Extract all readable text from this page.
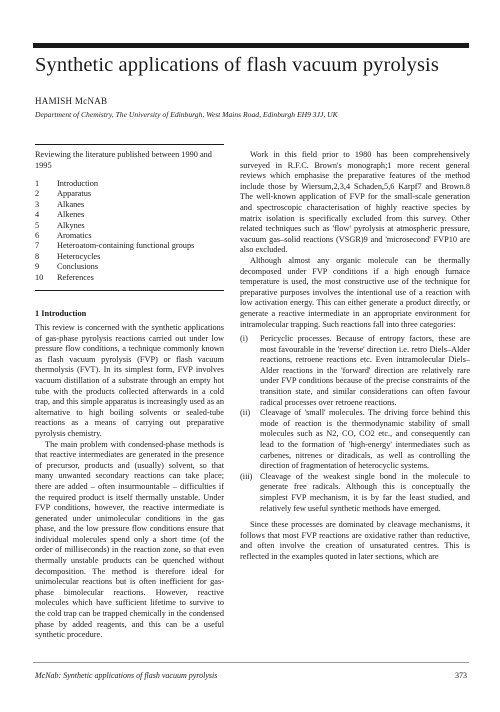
Synthetic applications of flash vacuum pyrolysis
HAMISH McNAB
Department of Chemistry, The University of Edinburgh, West Mains Road, Edinburgh EH9 3JJ, UK
Reviewing the literature published between 1990 and 1995
1	Introduction
2	Apparatus
3	Alkanes
4	Alkenes
5	Alkynes
6	Aromatics
7	Heteroatom-containing functional groups
8	Heterocycles
9	Conclusions
10	References
1 Introduction

This review is concerned with the synthetic applications of gas-phase pyrolysis reactions carried out under low pressure flow conditions, a technique commonly known as flash vacuum pyrolysis (FVP) or flash vacuum thermolysis (FVT). In its simplest form, FVP involves vacuum distillation of a substrate through an empty hot tube with the products collected afterwards in a cold trap, and this simple apparatus is increasingly used as an alternative to high boiling solvents or sealed-tube reactions as a means of carrying out preparative pyrolysis chemistry.

The main problem with condensed-phase methods is that reactive intermediates are generated in the presence of precursor, products and (usually) solvent, so that many unwanted secondary reactions can take place; there are added – often insurmountable – difficulties if the required product is itself thermally unstable. Under FVP conditions, however, the reactive intermediate is generated under unimolecular conditions in the gas phase, and the low pressure flow conditions ensure that individual molecules spend only a short time (of the order of milliseconds) in the reaction zone, so that even thermally unstable products can be quenched without decomposition. The method is therefore ideal for unimolecular reactions but is often inefficient for gas-phase bimolecular reactions. However, reactive molecules which have sufficient lifetime to survive to the cold trap can be trapped chemically in the condensed phase by added reagents, and this can be a useful synthetic procedure.

Work in this field prior to 1980 has been comprehensively surveyed in R.F.C. Brown's monograph;1 more recent general reviews which emphasise the preparative features of the method include those by Wiersum,2,3,4 Schaden,5,6 Karpf7 and Brown.8 The well-known application of FVP for the small-scale generation and spectroscopic characterisation of highly reactive species by matrix isolation is specifically excluded from this survey. Other related techniques such as 'flow' pyrolysis at atmospheric pressure, vacuum gas–solid reactions (VSGR)9 and 'microsecond' FVP10 are also excluded.

Although almost any organic molecule can be thermally decomposed under FVP conditions if a high enough furnace temperature is used, the most constructive use of the technique for preparative purposes involves the intentional use of a reaction with low activation energy. This can either generate a product directly, or generate a reactive intermediate in an appropriate environment for intramolecular trapping. Such reactions fall into three categories:

(i)	Pericyclic processes. Because of entropy factors, these are most favourable in the 'reverse' direction i.e. retro Diels–Alder reactions, retroene reactions etc. Even intramolecular Diels–Alder reactions in the 'forward' direction are relatively rare under FVP conditions because of the precise constraints of the transition state, and similar considerations can often favour radical processes over retroene reactions.
(ii)	Cleavage of 'small' molecules. The driving force behind this mode of reaction is the thermodynamic stability of small molecules such as N2, CO, CO2 etc., and consequently can lead to the formation of 'high-energy' intermediates such as carbenes, nitrenes or diradicals, as well as controlling the direction of fragmentation of heterocyclic systems.
(iii) Cleavage of the weakest single bond in the molecule to generate free radicals. Although this is conceptually the simplest FVP mechanism, it is by far the least studied, and relatively few useful synthetic methods have emerged.

Since these processes are dominated by cleavage mechanisms, it follows that most FVP reactions are oxidative rather than reductive, and often involve the creation of unsaturated centres. This is reflected in the examples quoted in later sections, which are

McNab: Synthetic applications of flash vacuum pyrolysis	373
